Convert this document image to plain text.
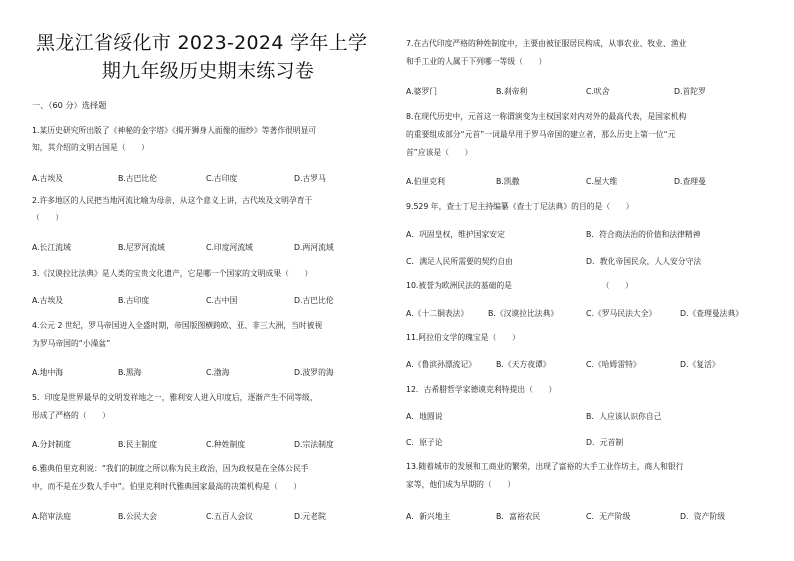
黑龙江省绥化市 2023-2024 学年上学
期九年级历史期末练习卷
一、（60 分）选择题
1.某历史研究所出版了《神秘的金字塔》《揭开狮身人面像的面纱》等著作很明显可
知，其介绍的文明古国是（　　）
A.古埃及	B.古巴比伦	C.古印度	D.古罗马
2.许多地区的人民把当地河流比喻为母亲，从这个意义上讲，古代埃及文明孕育于
（　　）
A.长江流域	B.尼罗河流域	C.印度河流域	D.两河流域
3.《汉谟拉比法典》是人类的宝贵文化遗产，它是哪一个国家的文明成果（　　）
A.古埃及	B.古印度	C.古中国	D.古巴比伦
4.公元 2 世纪，罗马帝国进入全盛时期，帝国版图横跨欧、亚、非三大洲，当时被视
为罗马帝国的“小澡盆”
A.地中海	B.黑海	C.渤海	D.波罗的海
5．印度是世界最早的文明发祥地之一，雅利安人进入印度后，逐渐产生不同等级，
形成了严格的（　　）
A.分封制度	B.民主制度	C.种姓制度	D.宗法制度
6.雅典伯里克利说：“我们的制度之所以称为民主政治，因为政权是在全体公民手
中，而不是在少数人手中”。伯里克利时代雅典国家最高的决策机构是（　　）
A.陪审法庭	B.公民大会	C.五百人会议	D.元老院
7.在古代印度严格的种姓制度中，主要由被征服居民构成，从事农业、牧业、渔业
和手工业的人属于下列哪一等级（　　）
A.婆罗门	B.刹帝利	C.吠舍	D.首陀罗
8.在现代历史中，元首这一称谓演变为主权国家对内对外的最高代表，是国家机构
的重要组成部分“元首”一词最早用于罗马帝国的建立者，那么历史上第一位“元
首”应该是（　　）
A.伯里克利	B.凯撒	C.屋大维	D.查理曼
9.529 年，查士丁尼主持编纂《查士丁尼法典》的目的是（　　）
A．巩固皇权，维护国家安定	B．符合商法治的价值和法律精神
C．满足人民所需要的契约自由	D．教化帝国民众，人人安分守法
10.被誉为欧洲民法的基础的是　　　　　　　　　　　　（　　）
A.《十二铜表法》	B.《汉谟拉比法典》	C.《罗马民法大全》	D.《查理曼法典》
11.阿拉伯文学的瑰宝是（　　）
A.《鲁滨孙漂流记》	B.《天方夜谭》	C.《哈姆雷特》	D.《复活》
12．古希腊哲学家德谟克利特提出（　　）
A．地圆说	B．人应该认识你自己
C．原子论	D．元首制
13.随着城市的发展和工商业的繁荣，出现了富裕的大手工业作坊主，商人和银行
家等，他们成为早期的（　　）
A．新兴地主	B．富裕农民	C．无产阶级	D．资产阶级
